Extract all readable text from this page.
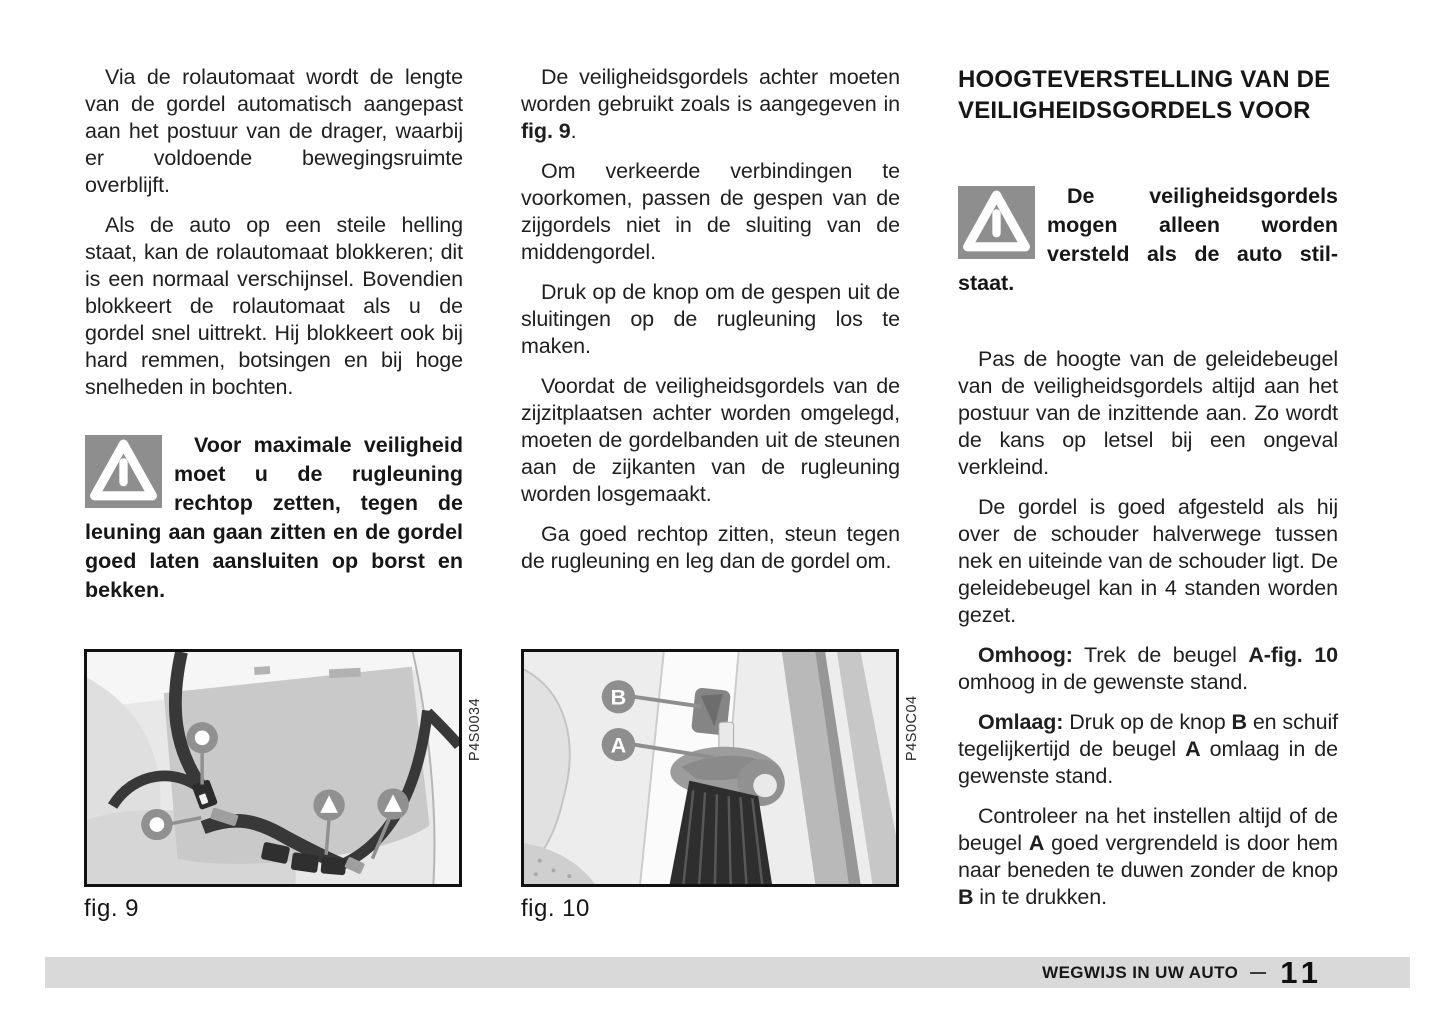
Via de rolautomaat wordt de lengte van de gordel automatisch aangepast aan het postuur van de drager, waarbij er voldoende bewegingsruimte overblijft.

Als de auto op een steile helling staat, kan de rolautomaat blokkeren; dit is een normaal verschijnsel. Bovendien blokkeert de rolautomaat als u de gordel snel uittrekt. Hij blokkeert ook bij hard remmen, botsingen en bij hoge snelheden in bochten.

Voor maximale veiligheid moet u de rugleuning rechtop zetten, tegen de leuning aan gaan zitten en de gordel goed laten aansluiten op borst en bekken.

De veiligheidsgordels achter moeten worden gebruikt zoals is aangegeven in fig. 9.

Om verkeerde verbindingen te voorkomen, passen de gespen van de zijgordels niet in de sluiting van de middengordel.

Druk op de knop om de gespen uit de sluitingen op de rugleuning los te maken.

Voordat de veiligheidsgordels van de zijzitplaatsen achter worden omgelegd, moeten de gordelbanden uit de steunen aan de zijkanten van de rugleuning worden losgemaakt.

Ga goed rechtop zitten, steun tegen de rugleuning en leg dan de gordel om.

HOOGTEVERSTELLING VAN DE VEILIGHEIDSGORDELS VOOR
De veiligheidsgordels mogen alleen worden versteld als de auto stilstaat.

Pas de hoogte van de geleidebeugel van de veiligheidsgordels altijd aan het postuur van de inzittende aan. Zo wordt de kans op letsel bij een ongeval verkleind.

De gordel is goed afgesteld als hij over de schouder halverwege tussen nek en uiteinde van de schouder ligt. De geleidebeugel kan in 4 standen worden gezet.

Omhoog: Trek de beugel A-fig. 10 omhoog in de gewenste stand.

Omlaag: Druk op de knop B en schuif tegelijkertijd de beugel A omlaag in de gewenste stand.

Controleer na het instellen altijd of de beugel A goed vergrendeld is door hem naar beneden te duwen zonder de knop B in te drukken.

P4S0034
fig. 9
B
A	P4S0C04
fig. 10
WEGWIJS IN UW AUTO 11
